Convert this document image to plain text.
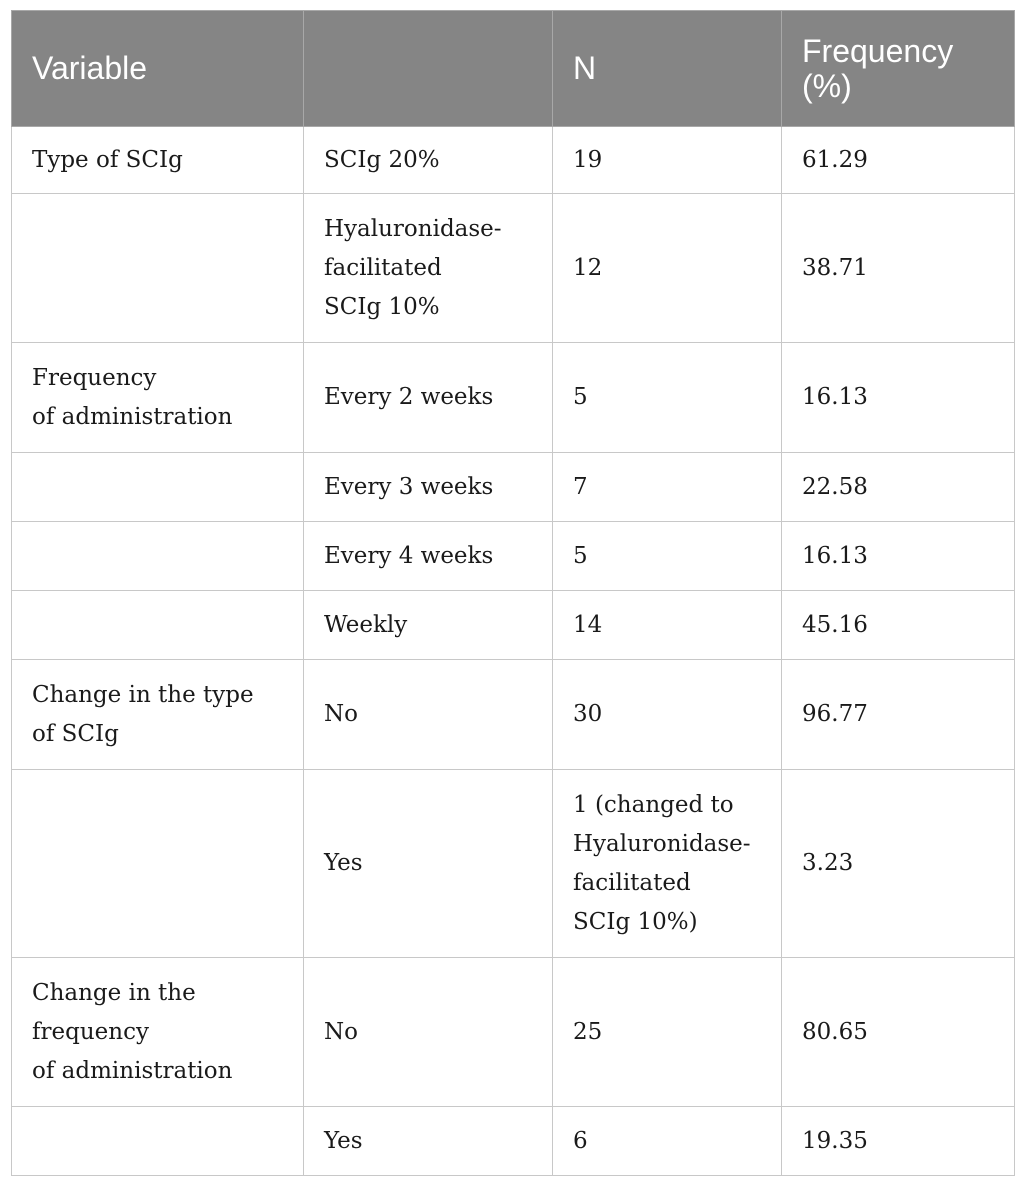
Variable		N	Frequency
(%)

Type of SCIg	SCIg 20%	19	61.29

	Hyaluronidase-
facilitated
SCIg 10%	12	38.71

Frequency
of administration	Every 2 weeks	5	16.13

	Every 3 weeks	7	22.58

	Every 4 weeks	5	16.13

	Weekly	14	45.16

Change in the type
of SCIg	No	30	96.77

	Yes	1 (changed to
Hyaluronidase-
facilitated
SCIg 10%)	3.23

Change in the
frequency
of administration	No	25	80.65

	Yes	6	19.35
